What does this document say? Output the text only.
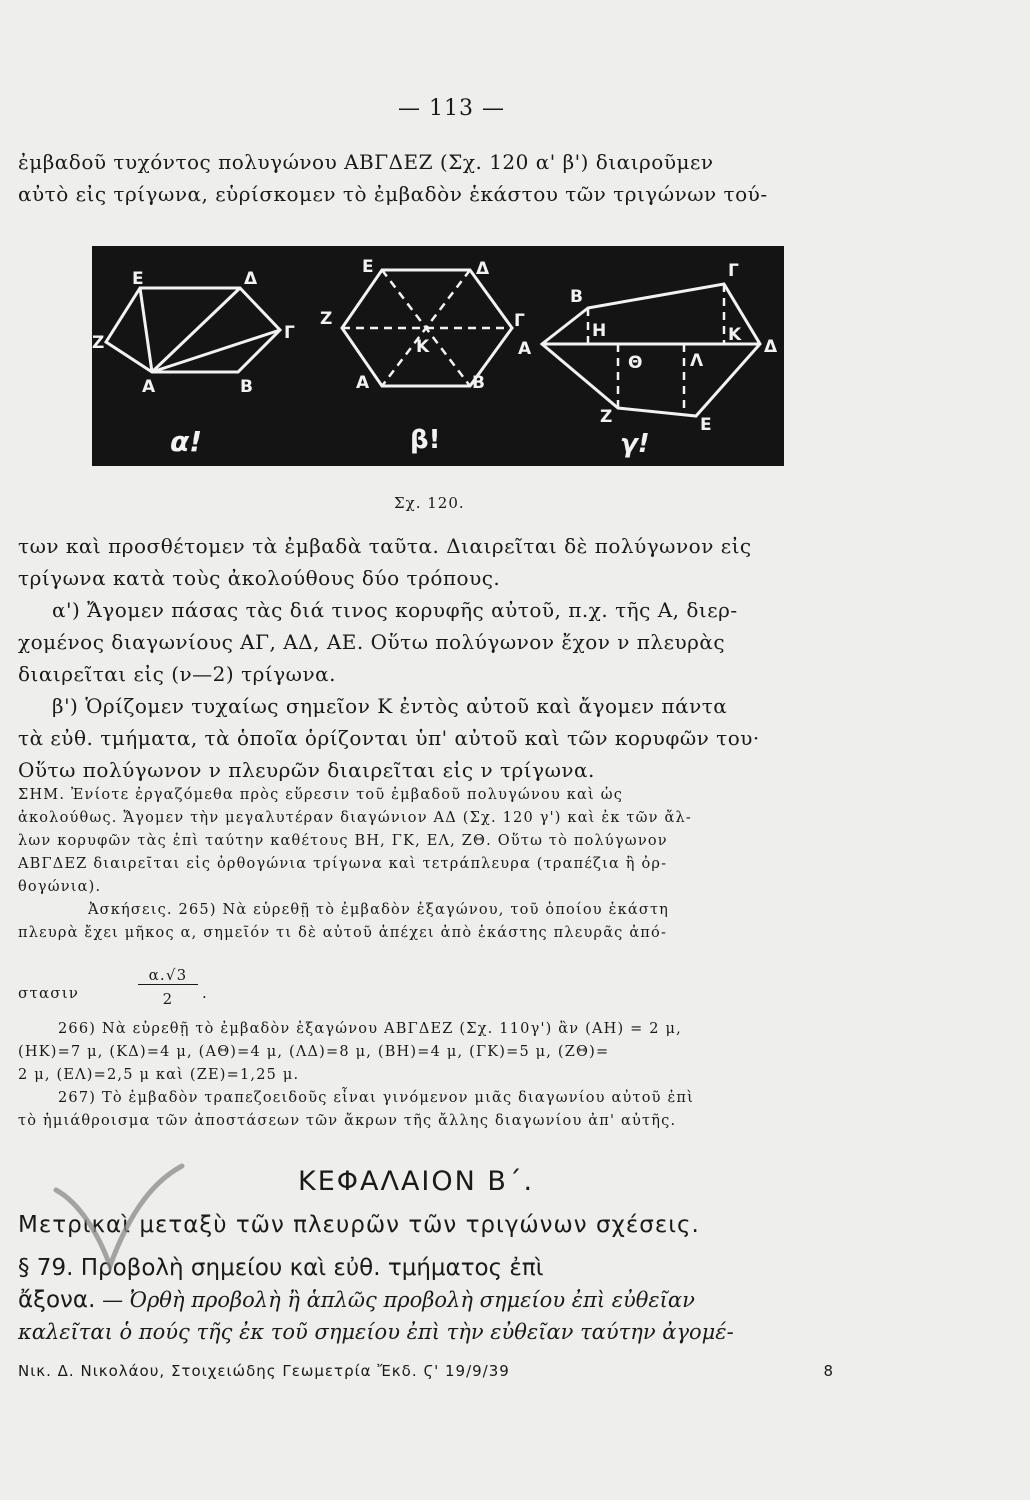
— 113 —
ἐμβαδοῦ τυχόντος πολυγώνου ΑΒΓΔΕΖ (Σχ. 120 α' β') διαιροῦμεν
αὐτὸ εἰς τρίγωνα, εὑρίσκομεν τὸ ἐμβαδὸν ἑκάστου τῶν τριγώνων τού-
Ε	Δ
Ζ	Γ
Α	Β
α!
Ε	Δ
Ζ	Γ
Κ
Α	Β
β!
Β
Γ
Α
Η	Κ
Δ
Θ	Λ
Ζ	Ε
γ!
Σχ. 120.
των καὶ προσθέτομεν τὰ ἐμβαδὰ ταῦτα. Διαιρεῖται δὲ πολύγωνον εἰς
τρίγωνα κατὰ τοὺς ἀκολούθους δύο τρόπους.
α') Ἄγομεν πάσας τὰς διά τινος κορυφῆς αὐτοῦ, π.χ. τῆς Α, διερ-
χομένος διαγωνίους ΑΓ, ΑΔ, ΑΕ. Οὕτω πολύγωνον ἔχον ν πλευρὰς
διαιρεῖται εἰς (ν—2) τρίγωνα.
β') Ὁρίζομεν τυχαίως σημεῖον Κ ἐντὸς αὐτοῦ καὶ ἄγομεν πάντα
τὰ εὐθ. τμήματα, τὰ ὁποῖα ὁρίζονται ὑπ' αὐτοῦ καὶ τῶν κορυφῶν του·
Οὕτω πολύγωνον ν πλευρῶν διαιρεῖται εἰς ν τρίγωνα.
ΣΗΜ. Ἐνίοτε ἐργαζόμεθα πρὸς εὕρεσιν τοῦ ἐμβαδοῦ πολυγώνου καὶ ὡς
ἀκολούθως. Ἄγομεν τὴν μεγαλυτέραν διαγώνιον ΑΔ (Σχ. 120 γ') καὶ ἐκ τῶν ἄλ-
λων κορυφῶν τὰς ἐπὶ ταύτην καθέτους ΒΗ, ΓΚ, ΕΛ, ΖΘ. Οὕτω τὸ πολύγωνον
ΑΒΓΔΕΖ διαιρεῖται εἰς ὀρθογώνια τρίγωνα καὶ τετράπλευρα (τραπέζια ἢ ὀρ-
θογώνια).
Ἀσκήσεις. 265) Νὰ εὑρεθῇ τὸ ἐμβαδὸν ἑξαγώνου, τοῦ ὁποίου ἑκάστη
πλευρὰ ἔχει μῆκος α, σημεῖόν τι δὲ αὐτοῦ ἀπέχει ἀπὸ ἑκάστης πλευρᾶς ἀπό-
στασιν
α.√3
2	.
266) Νὰ εὑρεθῇ τὸ ἐμβαδὸν ἑξαγώνου ΑΒΓΔΕΖ (Σχ. 110γ') ἂν (ΑΗ) = 2 μ,
(ΗΚ)=7 μ, (ΚΔ)=4 μ, (ΑΘ)=4 μ, (ΛΔ)=8 μ, (ΒΗ)=4 μ, (ΓΚ)=5 μ, (ΖΘ)=
2 μ, (ΕΛ)=2,5 μ καὶ (ΖΕ)=1,25 μ.
267) Τὸ ἐμβαδὸν τραπεζοειδοῦς εἶναι γινόμενον μιᾶς διαγωνίου αὐτοῦ ἐπὶ
τὸ ἡμιάθροισμα τῶν ἀποστάσεων τῶν ἄκρων τῆς ἄλλης διαγωνίου ἀπ' αὐτῆς.
ΚΕΦΑΛΑΙΟΝ Β΄.
Μετρικαὶ μεταξὺ τῶν πλευρῶν τῶν τριγώνων σχέσεις.
§ 79. Προβολὴ σημείου καὶ εὐθ. τμήματος ἐπὶ
ἄξονα. — Ὀρθὴ προβολὴ ἢ ἁπλῶς προβολὴ σημείου ἐπὶ εὐθεῖαν
καλεῖται ὁ πούς τῆς ἐκ τοῦ σημείου ἐπὶ τὴν εὐθεῖαν ταύτην ἀγομέ-
Νικ. Δ. Νικολάου, Στοιχειώδης Γεωμετρία Ἔκδ. Ϛ' 19/9/39	8
